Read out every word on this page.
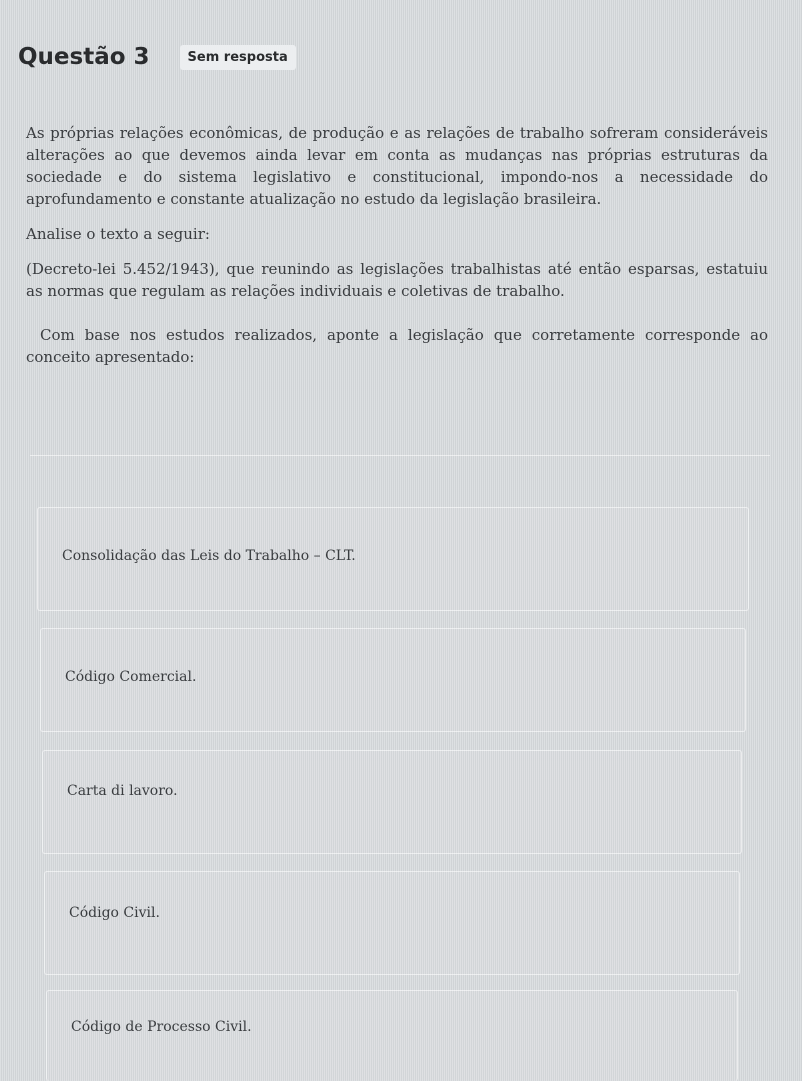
Questão 3	Sem resposta

As próprias relações econômicas, de produção e as relações de trabalho sofreram consideráveis alterações ao que devemos ainda levar em conta as mudanças nas próprias estruturas da sociedade e do sistema legislativo e constitucional, impondo-nos a necessidade do aprofundamento e constante atualização no estudo da legislação brasileira.

Analise o texto a seguir:

(Decreto-lei 5.452/1943), que reunindo as legislações trabalhistas até então esparsas, estatuiu as normas que regulam as relações individuais e coletivas de trabalho.

Com base nos estudos realizados, aponte a legislação que corretamente corresponde ao conceito apresentado:

Consolidação das Leis do Trabalho – CLT.
Código Comercial.
Carta di lavoro.
Código Civil.
Código de Processo Civil.
